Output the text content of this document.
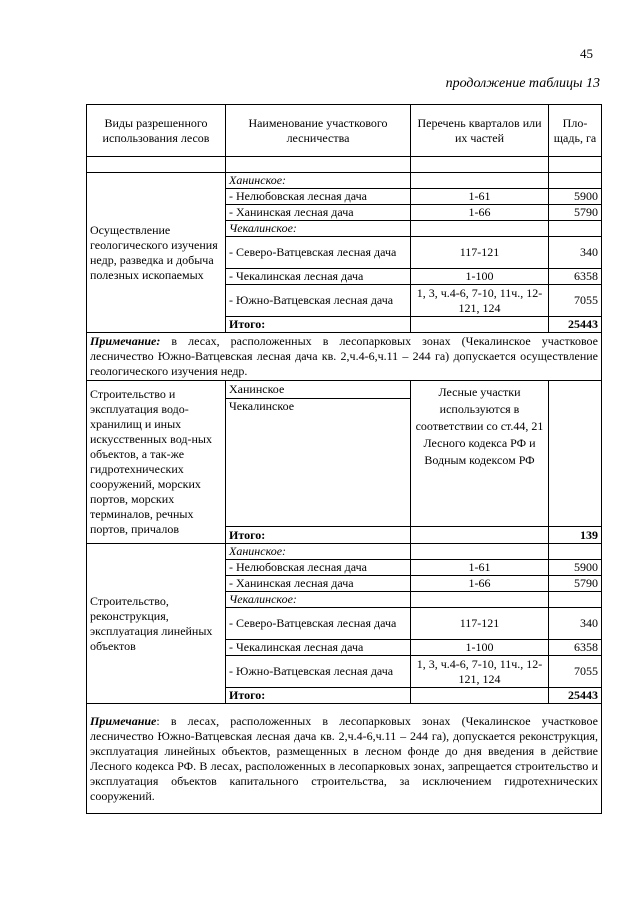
45
продолжение таблицы 13
Виды разрешенного использования лесов	Наименование участкового лесничества	Перечень кварталов или их частей	Пло-щадь, га

Осуществление геологического изучения недр, разведка и добыча полезных ископаемых	Ханинское:		
	- Нелюбовская лесная дача	1-61	5900
	- Ханинская лесная дача	1-66	5790
	Чекалинское:		
	- Северо-Ватцевская лесная дача	117-121	340
	- Чекалинская лесная дача	1-100	6358
	- Южно-Ватцевская лесная дача	1, 3, ч.4-6, 7-10, 11ч., 12-121, 124	7055
	Итого:		25443
Примечание: в лесах, расположенных в лесопарковых зонах (Чекалинское участковое лесничество Южно-Ватцевская лесная дача кв. 2,ч.4-6,ч.11 – 244 га) допускается осуществление геологического изучения недр.			
Строительство и эксплуатация водо-хранилищ и иных искусственных вод-ных объектов, а так-же гидротехнических сооружений, морских портов, морских терминалов, речных портов, причалов	Ханинское	Лесные участки используются в соответствии со ст.44, 21 Лесного кодекса РФ и Водным кодексом РФ	
	Чекалинское		
	Итого:		139
Строительство, реконструкция, эксплуатация линейных объектов	Ханинское:		
	- Нелюбовская лесная дача	1-61	5900
	- Ханинская лесная дача	1-66	5790
	Чекалинское:		
	- Северо-Ватцевская лесная дача	117-121	340
	- Чекалинская лесная дача	1-100	6358
	- Южно-Ватцевская лесная дача	1, 3, ч.4-6, 7-10, 11ч., 12-121, 124	7055
	Итого:		25443
Примечание: в лесах, расположенных в лесопарковых зонах (Чекалинское участковое лесничество Южно-Ватцевская лесная дача кв. 2,ч.4-6,ч.11 – 244 га), допускается реконструкция, эксплуатация линейных объектов, размещенных в лесном фонде до дня введения в действие Лесного кодекса РФ. В лесах, расположенных в лесопарковых зонах, запрещается строительство и эксплуатация объектов капитального строительства, за исключением гидротехнических сооружений.			
